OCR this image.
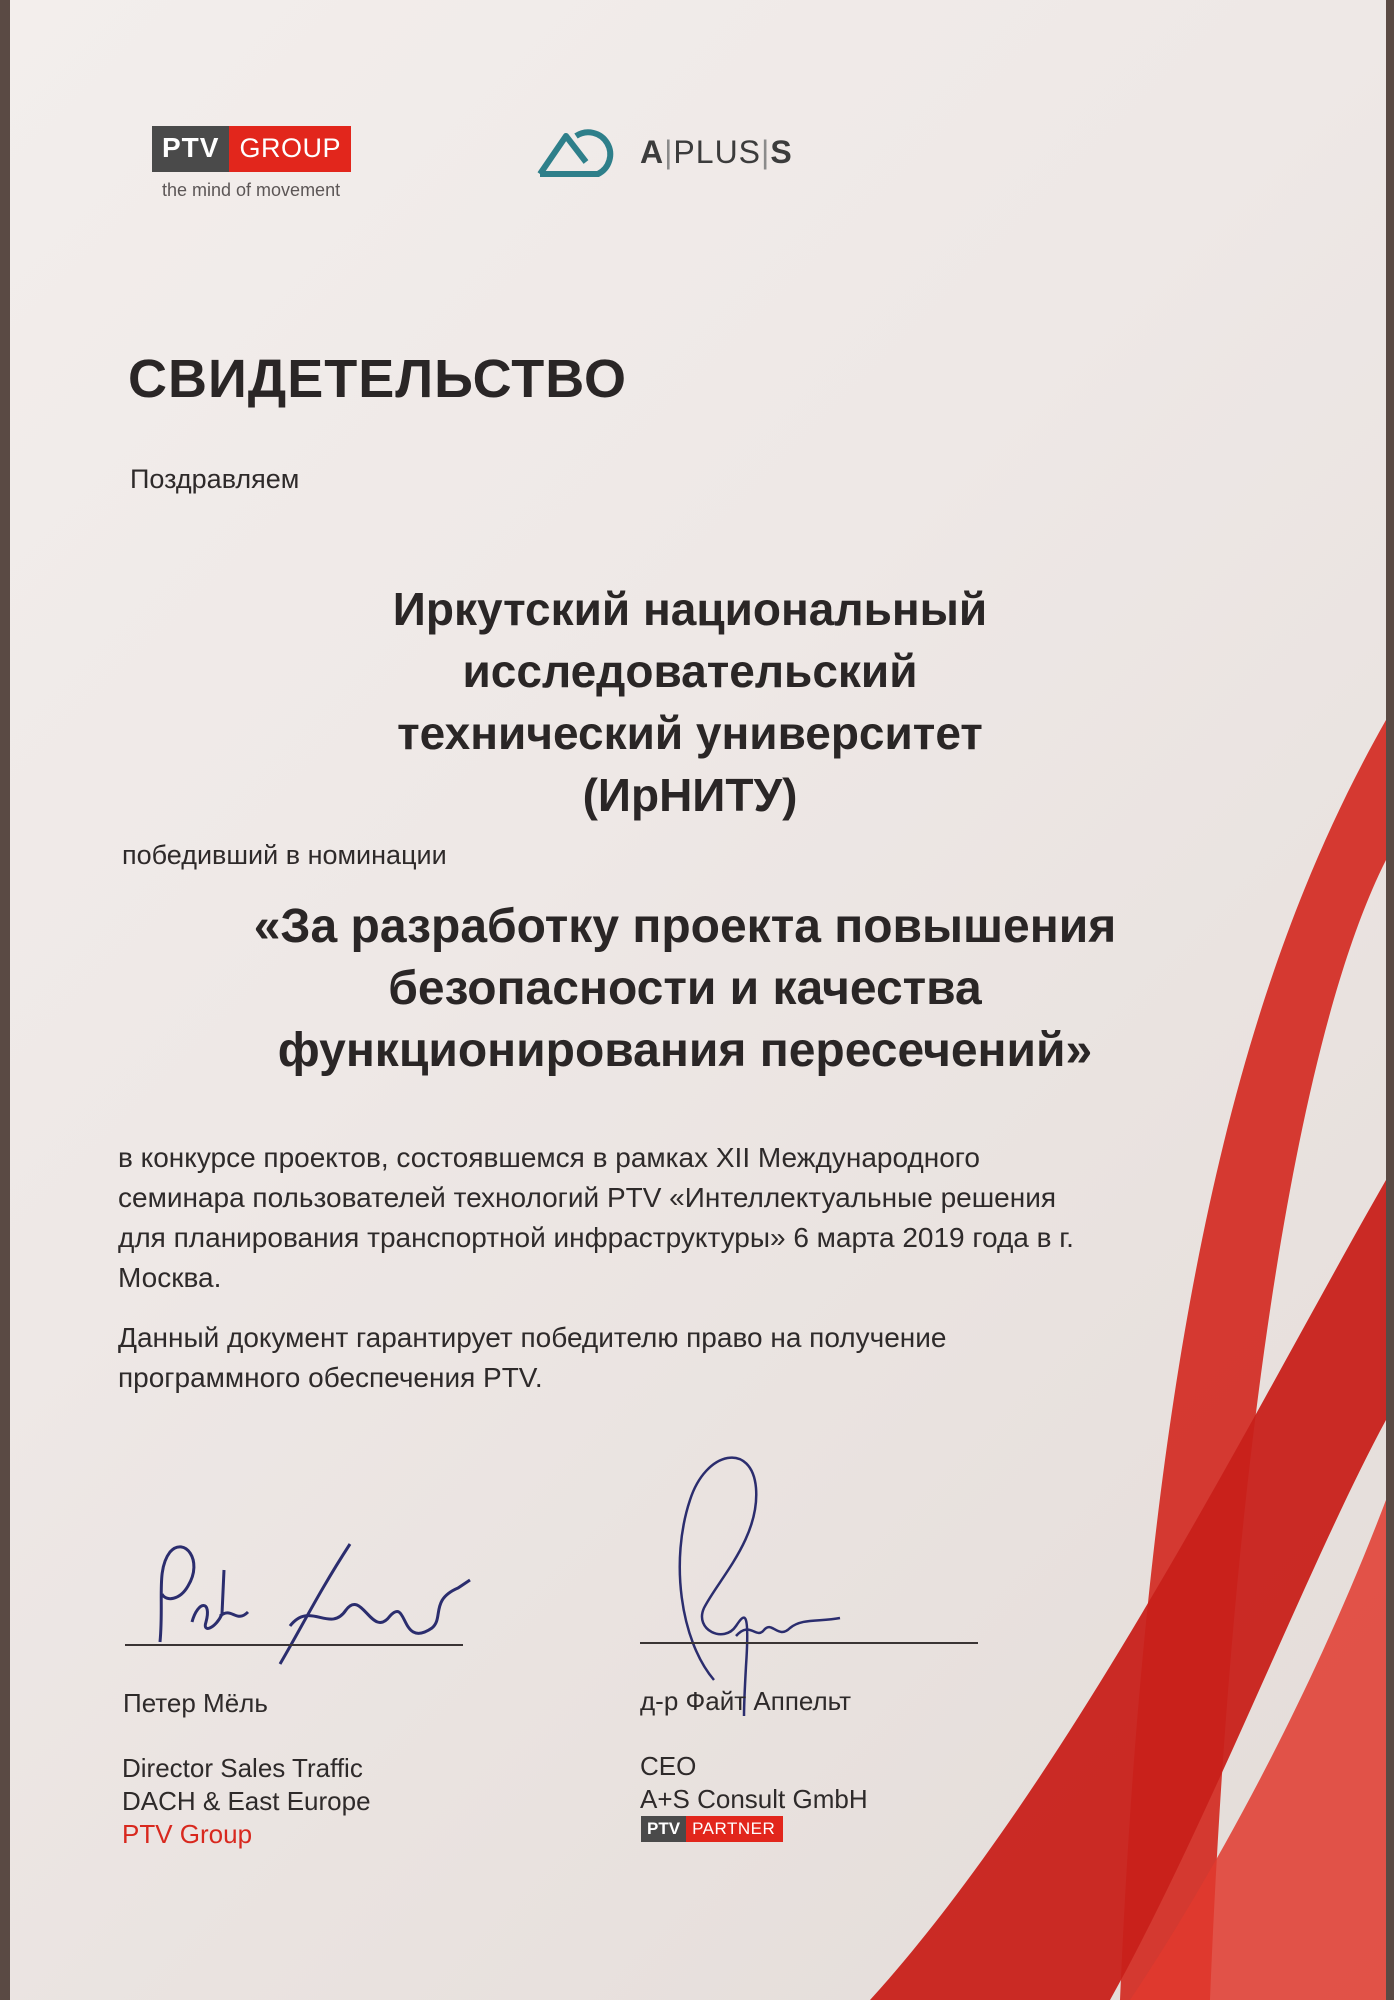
PTV GROUP
the mind of movement
A|PLUS|S
СВИДЕТЕЛЬСТВО
Поздравляем
Иркутский национальный
исследовательский
технический университет
(ИрНИТУ)
победивший в номинации
«За разработку проекта повышения
безопасности и качества
функционирования пересечений»
в конкурсе проектов, состоявшемся в рамках XII Международного
семинара пользователей технологий PTV «Интеллектуальные решения
для планирования транспортной инфраструктуры» 6 марта 2019 года в г.
Москва.
Данный документ гарантирует победителю право на получение
программного обеспечения PTV.
Петер Мёль
Director Sales Traffic
DACH & East Europe
PTV Group
д-р Файт Аппельт
CEO
A+S Consult GmbH
PTV PARTNER
